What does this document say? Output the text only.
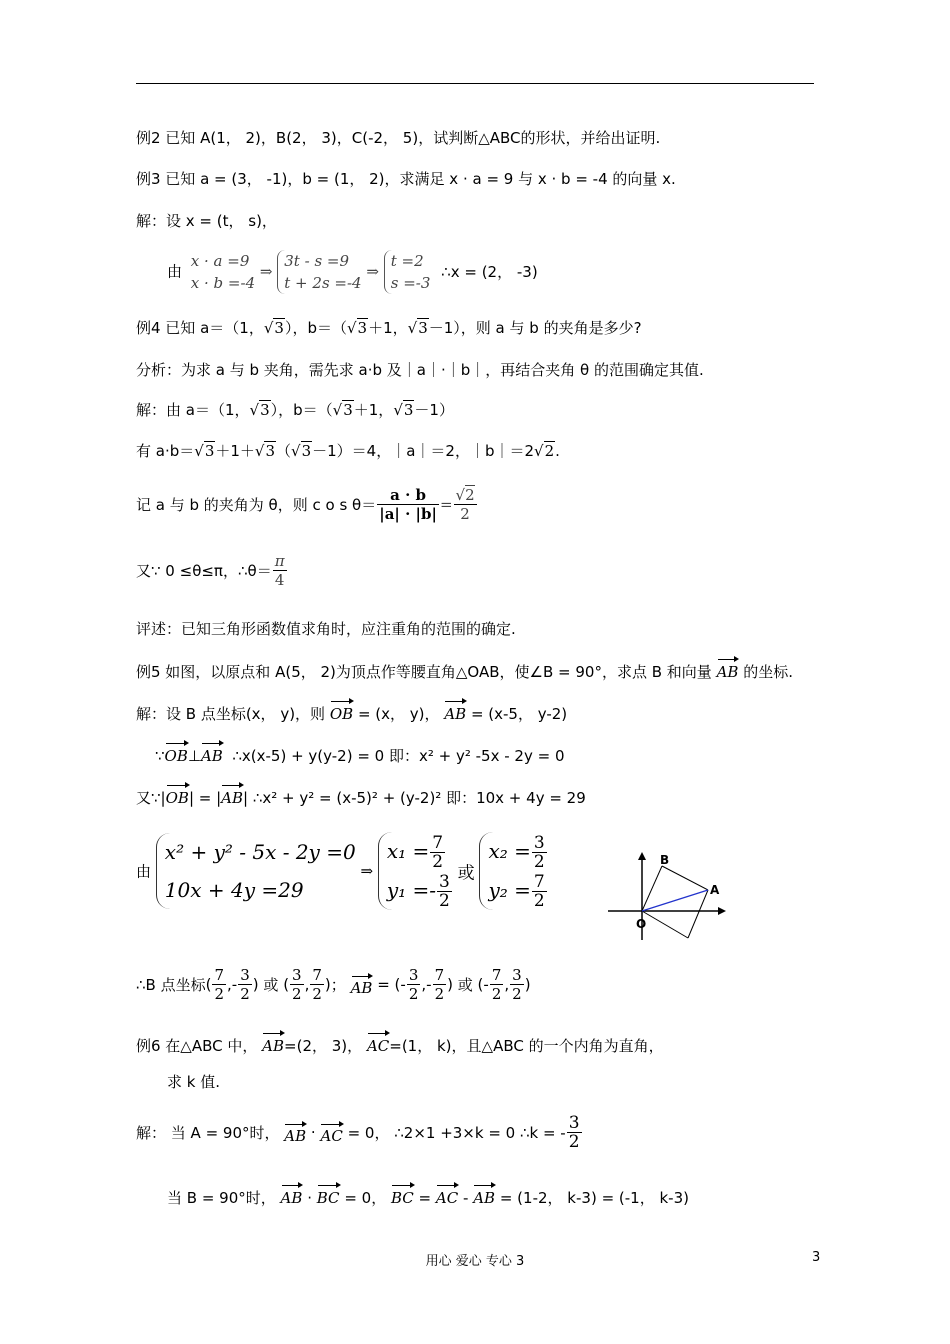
例2 已知 A(1， 2)，B(2， 3)，C(-2， 5)，试判断△ABC的形状，并给出证明.
例3 已知 a = (3， -1)，b = (1， 2)，求满足 x · a = 9 与 x · b = -4 的向量 x.
解：设 x = (t， s)，
由
x · a =9
x · b =-4
⇒
3t - s =9
t + 2s =-4
⇒
t =2
s =-3
∴x = (2， -3)
例4 已知 a＝（1，√3），b＝（√3＋1，√3－1），则 a 与 b 的夹角是多少?
分析：为求 a 与 b 夹角，需先求 a·b 及｜a｜·｜b｜，再结合夹角 θ 的范围确定其值.
解：由 a＝（1，√3），b＝（√3＋1，√3－1）
有 a·b＝√3＋1＋√3（√3－1）＝4，｜a｜＝2，｜b｜＝2√2.
记 a 与 b 的夹角为 θ，则 c o s $\theta= \frac{a \cdot b}{|a| \cdot |b|} = \frac{√2}{2}$
又∵ 0 ≤θ≤π，∴θ＝ $\frac{\pi}{4}$
评述：已知三角形函数值求角时，应注重角的范围的确定.
例5 如图，以原点和 A(5， 2)为顶点作等腰直角△OAB，使∠B = 90°，求点 B 和向量 AB 的坐标.
解：设 B 点坐标(x， y)，则 OB = (x， y)， AB = (x-5， y-2)
∵OB⊥AB ∴x(x-5) + y(y-2) = 0 即：x² + y² -5x - 2y = 0
又∵|OB| = |AB| ∴x² + y² = (x-5)² + (y-2)² 即：10x + 4y = 29
由
x² + y² - 5x - 2y =0
10x + 4y =29
⇒
$x_1 = \frac{7}{2}$
$y_1 =- \frac{3}{2}$ 或
$x_2 = \frac{3}{2}$
$y_2 = \frac{7}{2}$
B
A
O
∴B 点坐标( $\frac{7}{2}$ ,- $\frac{3}{2}$ ) 或 ( $\frac{3}{2}$ , $\frac{7}{2}$ )； AB = (- $\frac{3}{2}$ ,- $\frac{7}{2}$ ) 或 (- $\frac{7}{2}$ , $\frac{3}{2}$ )
例6 在△ABC 中， AB=(2， 3)， AC=(1， k)，且△ABC 的一个内角为直角，
求 k 值.
解： 当 A = 90°时， AB · AC = 0， ∴2×1 +3×k = 0 ∴k = - $\frac{3}{2}$
当 B = 90°时， AB · BC = 0， BC = AC - AB = (1-2， k-3) = (-1， k-3)
用心 爱心 专心 3	3
